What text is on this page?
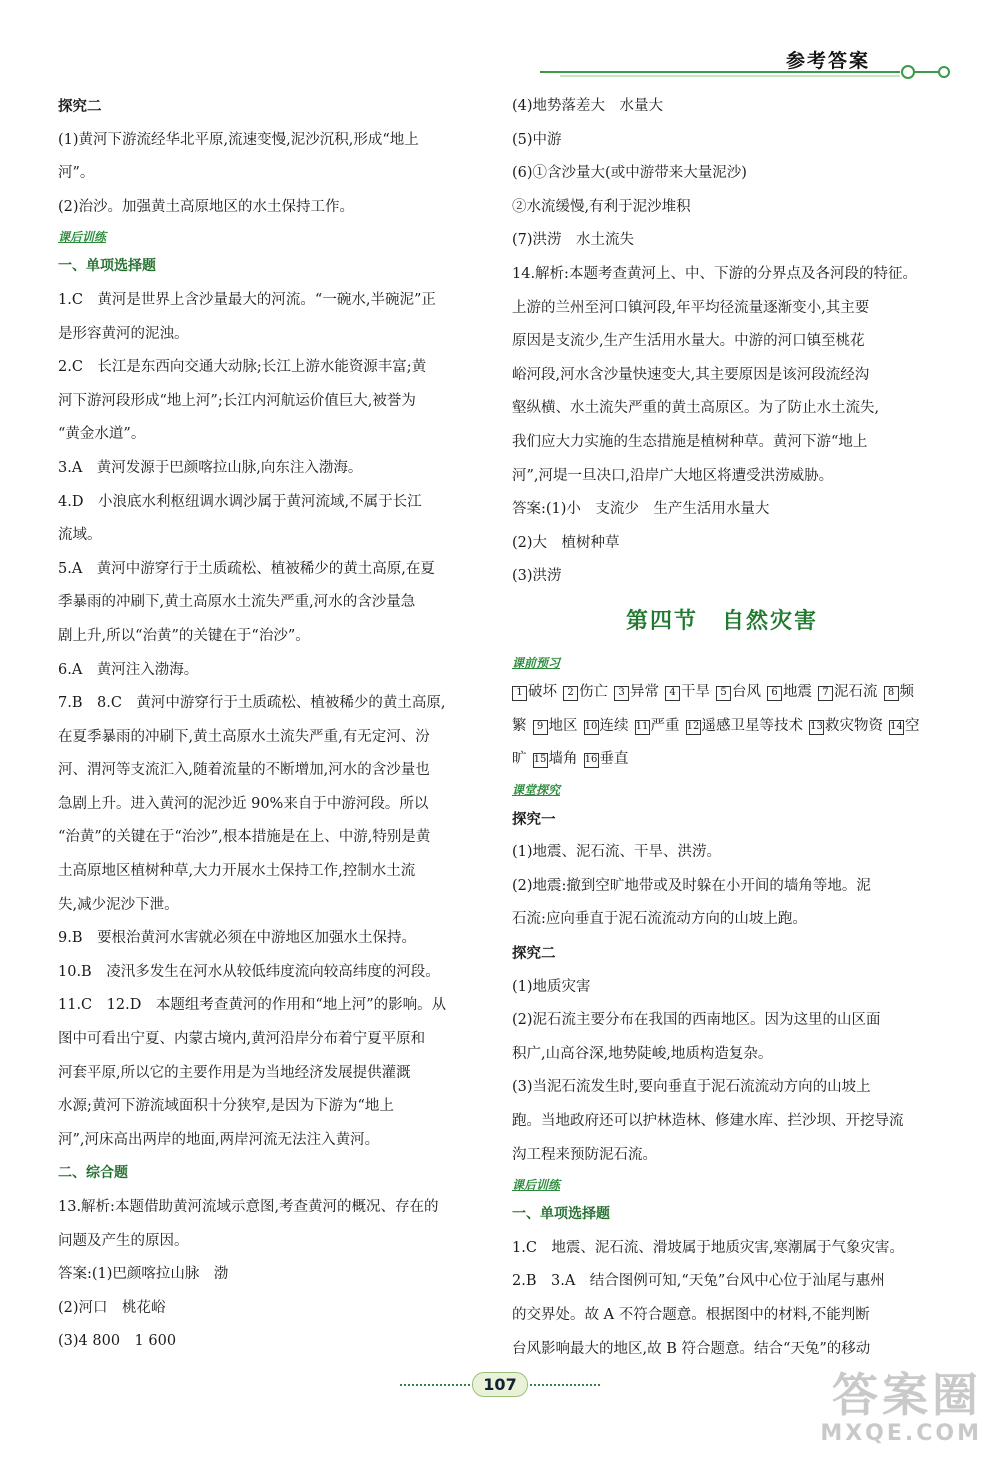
参考答案

探究二

(1)黄河下游流经华北平原,流速变慢,泥沙沉积,形成“地上

河”。

(2)治沙。加强黄土高原地区的水土保持工作。

课后训练

一、单项选择题

1.C　黄河是世界上含沙量最大的河流。“一碗水,半碗泥”正

是形容黄河的泥浊。

2.C　长江是东西向交通大动脉;长江上游水能资源丰富;黄

河下游河段形成“地上河”;长江内河航运价值巨大,被誉为

“黄金水道”。

3.A　黄河发源于巴颜喀拉山脉,向东注入渤海。

4.D　小浪底水利枢纽调水调沙属于黄河流域,不属于长江

流域。

5.A　黄河中游穿行于土质疏松、植被稀少的黄土高原,在夏

季暴雨的冲刷下,黄土高原水土流失严重,河水的含沙量急

剧上升,所以“治黄”的关键在于“治沙”。

6.A　黄河注入渤海。

7.B　8.C　黄河中游穿行于土质疏松、植被稀少的黄土高原,

在夏季暴雨的冲刷下,黄土高原水土流失严重,有无定河、汾

河、渭河等支流汇入,随着流量的不断增加,河水的含沙量也

急剧上升。进入黄河的泥沙近 90%来自于中游河段。所以

“治黄”的关键在于“治沙”,根本措施是在上、中游,特别是黄

土高原地区植树种草,大力开展水土保持工作,控制水土流

失,减少泥沙下泄。

9.B　要根治黄河水害就必须在中游地区加强水土保持。

10.B　凌汛多发生在河水从较低纬度流向较高纬度的河段。

11.C　12.D　本题组考查黄河的作用和“地上河”的影响。从

图中可看出宁夏、内蒙古境内,黄河沿岸分布着宁夏平原和

河套平原,所以它的主要作用是为当地经济发展提供灌溉

水源;黄河下游流域面积十分狭窄,是因为下游为“地上

河”,河床高出两岸的地面,两岸河流无法注入黄河。

二、综合题

13.解析:本题借助黄河流域示意图,考查黄河的概况、存在的

问题及产生的原因。

答案:(1)巴颜喀拉山脉　渤

(2)河口　桃花峪

(3)4 800　1 600

(4)地势落差大　水量大

(5)中游

(6)①含沙量大(或中游带来大量泥沙)

②水流缓慢,有利于泥沙堆积

(7)洪涝　水土流失

14.解析:本题考查黄河上、中、下游的分界点及各河段的特征。

上游的兰州至河口镇河段,年平均径流量逐渐变小,其主要

原因是支流少,生产生活用水量大。中游的河口镇至桃花

峪河段,河水含沙量快速变大,其主要原因是该河段流经沟

壑纵横、水土流失严重的黄土高原区。为了防止水土流失,

我们应大力实施的生态措施是植树种草。黄河下游“地上

河”,河堤一旦决口,沿岸广大地区将遭受洪涝威胁。

答案:(1)小　支流少　生产生活用水量大

(2)大　植树种草

(3)洪涝

第四节　自然灾害
课前预习

1 破坏 2 伤亡 3 异常 4 干旱 5 台风 6 地震 7 泥石流 8 频繁 9 地区 10 连续 11 严重 12 遥感卫星等技术 13 救灾物资 14 空旷 15 墙角 16 垂直

课堂探究

探究一

(1)地震、泥石流、干旱、洪涝。

(2)地震:撤到空旷地带或及时躲在小开间的墙角等地。泥

石流:应向垂直于泥石流流动方向的山坡上跑。

探究二

(1)地质灾害

(2)泥石流主要分布在我国的西南地区。因为这里的山区面

积广,山高谷深,地势陡峻,地质构造复杂。

(3)当泥石流发生时,要向垂直于泥石流流动方向的山坡上

跑。当地政府还可以护林造林、修建水库、拦沙坝、开挖导流

沟工程来预防泥石流。

课后训练

一、单项选择题

1.C　地震、泥石流、滑坡属于地质灾害,寒潮属于气象灾害。

2.B　3.A　结合图例可知,“天兔”台风中心位于汕尾与惠州

的交界处。故 A 不符合题意。根据图中的材料,不能判断

台风影响最大的地区,故 B 符合题意。结合“天兔”的移动

107	答案圈
MXQE.COM
